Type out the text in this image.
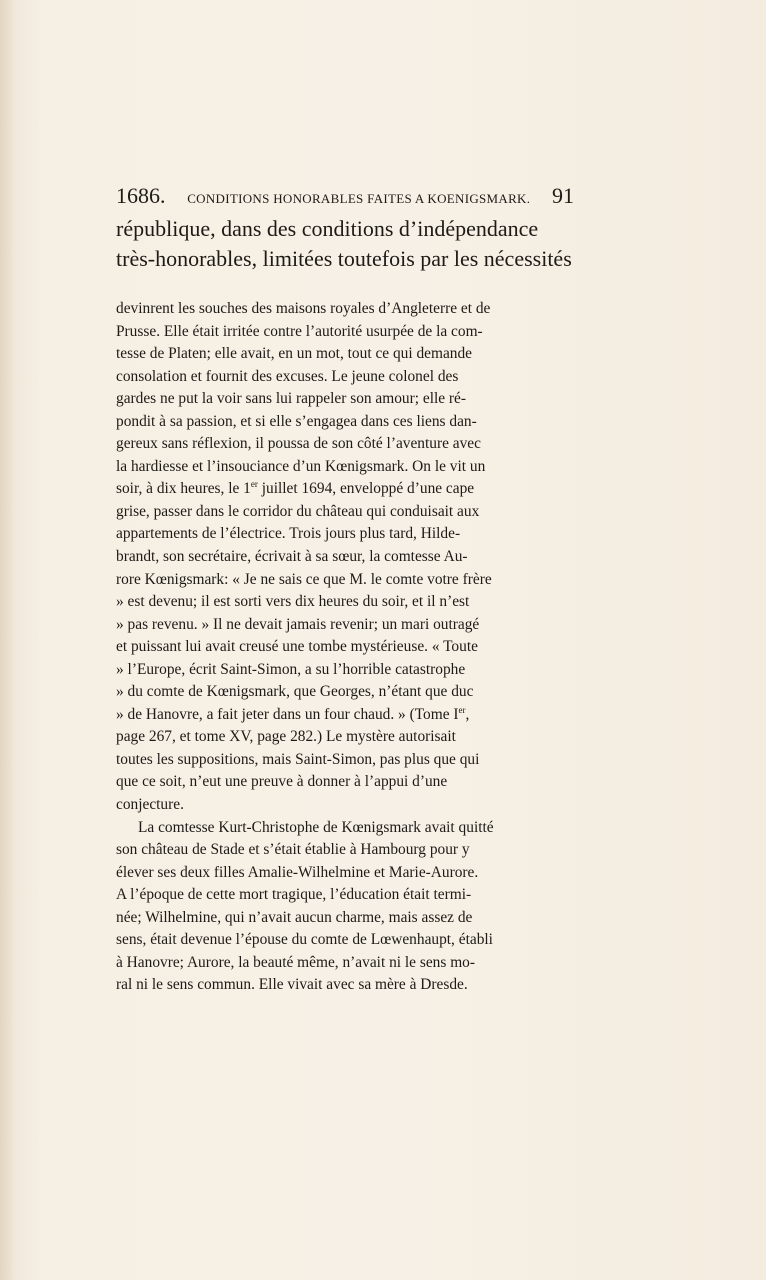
1686. CONDITIONS HONORABLES FAITES A KOENIGSMARK. 91
république, dans des conditions d’indépendance
très-honorables, limitées toutefois par les nécessités
devinrent les souches des maisons royales d’Angleterre et de
Prusse. Elle était irritée contre l’autorité usurpée de la com-
tesse de Platen; elle avait, en un mot, tout ce qui demande
consolation et fournit des excuses. Le jeune colonel des
gardes ne put la voir sans lui rappeler son amour; elle ré-
pondit à sa passion, et si elle s’engagea dans ces liens dan-
gereux sans réflexion, il poussa de son côté l’aventure avec
la hardiesse et l’insouciance d’un Kœnigsmark. On le vit un
soir, à dix heures, le 1er juillet 1694, enveloppé d’une cape
grise, passer dans le corridor du château qui conduisait aux
appartements de l’électrice. Trois jours plus tard, Hilde-
brandt, son secrétaire, écrivait à sa sœur, la comtesse Au-
rore Kœnigsmark: « Je ne sais ce que M. le comte votre frère
» est devenu; il est sorti vers dix heures du soir, et il n’est
» pas revenu. » Il ne devait jamais revenir; un mari outragé
et puissant lui avait creusé une tombe mystérieuse. « Toute
» l’Europe, écrit Saint-Simon, a su l’horrible catastrophe
» du comte de Kœnigsmark, que Georges, n’étant que duc
» de Hanovre, a fait jeter dans un four chaud. » (Tome Ier,
page 267, et tome XV, page 282.) Le mystère autorisait
toutes les suppositions, mais Saint-Simon, pas plus que qui
que ce soit, n’eut une preuve à donner à l’appui d’une
conjecture.
La comtesse Kurt-Christophe de Kœnigsmark avait quitté
son château de Stade et s’était établie à Hambourg pour y
élever ses deux filles Amalie-Wilhelmine et Marie-Aurore.
A l’époque de cette mort tragique, l’éducation était termi-
née; Wilhelmine, qui n’avait aucun charme, mais assez de
sens, était devenue l’épouse du comte de Lœwenhaupt, établi
à Hanovre; Aurore, la beauté même, n’avait ni le sens mo-
ral ni le sens commun. Elle vivait avec sa mère à Dresde.
